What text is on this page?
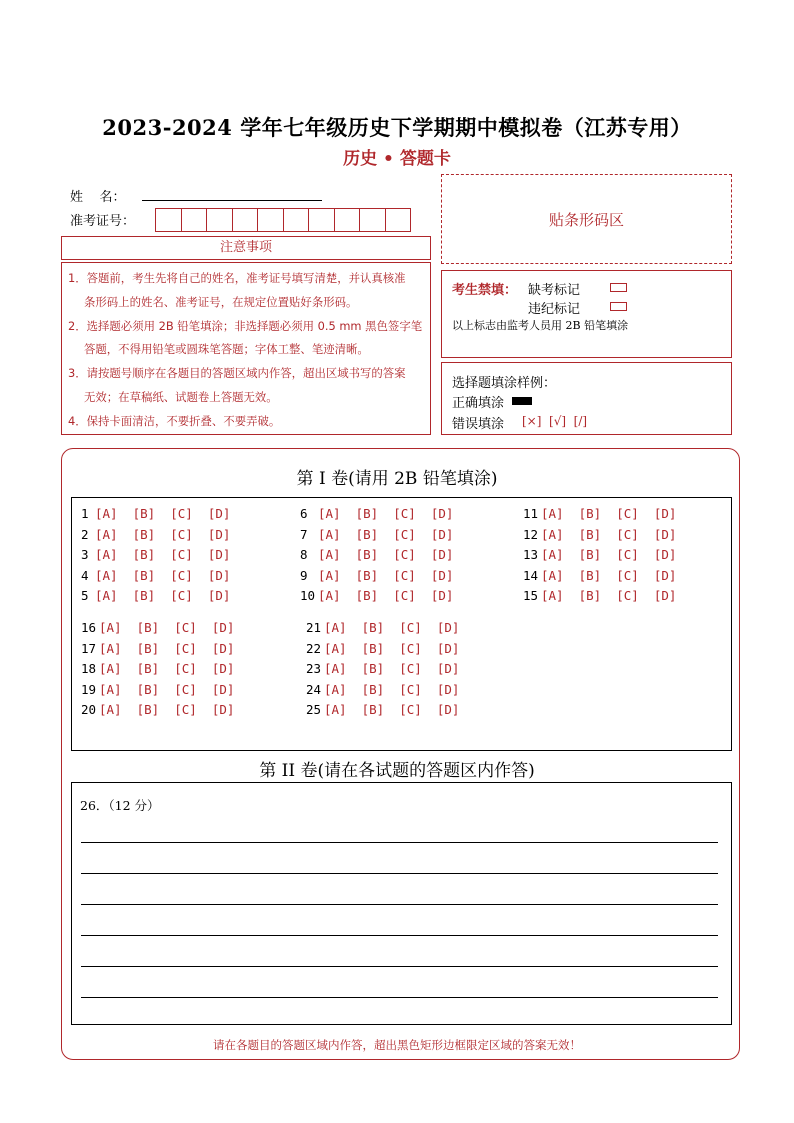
2023-2024 学年七年级历史下学期期中模拟卷（江苏专用）
历史 • 答题卡
姓    名：
准考证号：	贴条形码区
注意事项
1．答题前，考生先将自己的姓名，准考证号填写清楚，并认真核准
条形码上的姓名、准考证号，在规定位置贴好条形码。
2．选择题必须用 2B 铅笔填涂；非选择题必须用 0.5 mm 黑色签字笔
答题，不得用铅笔或圆珠笔答题；字体工整、笔迹清晰。
3．请按题号顺序在各题目的答题区域内作答，超出区域书写的答案
无效；在草稿纸、试题卷上答题无效。
4．保持卡面清洁，不要折叠、不要弄破。
考生禁填： 缺考标记
违纪标记
以上标志由监考人员用 2B 铅笔填涂
选择题填涂样例：
正确填涂
错误填涂 [×]  [√]  [/]
第 I 卷(请用 2B 铅笔填涂)
1 [A]  [B]  [C]  [D]
2 [A]  [B]  [C]  [D]
3 [A]  [B]  [C]  [D]
4 [A]  [B]  [C]  [D]
5 [A]  [B]  [C]  [D]
6 [A]  [B]  [C]  [D]
7 [A]  [B]  [C]  [D]
8 [A]  [B]  [C]  [D]
9 [A]  [B]  [C]  [D]
10 [A]  [B]  [C]  [D]
11 [A]  [B]  [C]  [D]
12 [A]  [B]  [C]  [D]
13 [A]  [B]  [C]  [D]
14 [A]  [B]  [C]  [D]
15 [A]  [B]  [C]  [D]
16 [A]  [B]  [C]  [D]
17 [A]  [B]  [C]  [D]
18 [A]  [B]  [C]  [D]
19 [A]  [B]  [C]  [D]
20 [A]  [B]  [C]  [D]
21 [A]  [B]  [C]  [D]
22 [A]  [B]  [C]  [D]
23 [A]  [B]  [C]  [D]
24 [A]  [B]  [C]  [D]
25 [A]  [B]  [C]  [D]
第 II 卷(请在各试题的答题区内作答)
26．（12 分）
请在各题目的答题区域内作答，超出黑色矩形边框限定区域的答案无效！
